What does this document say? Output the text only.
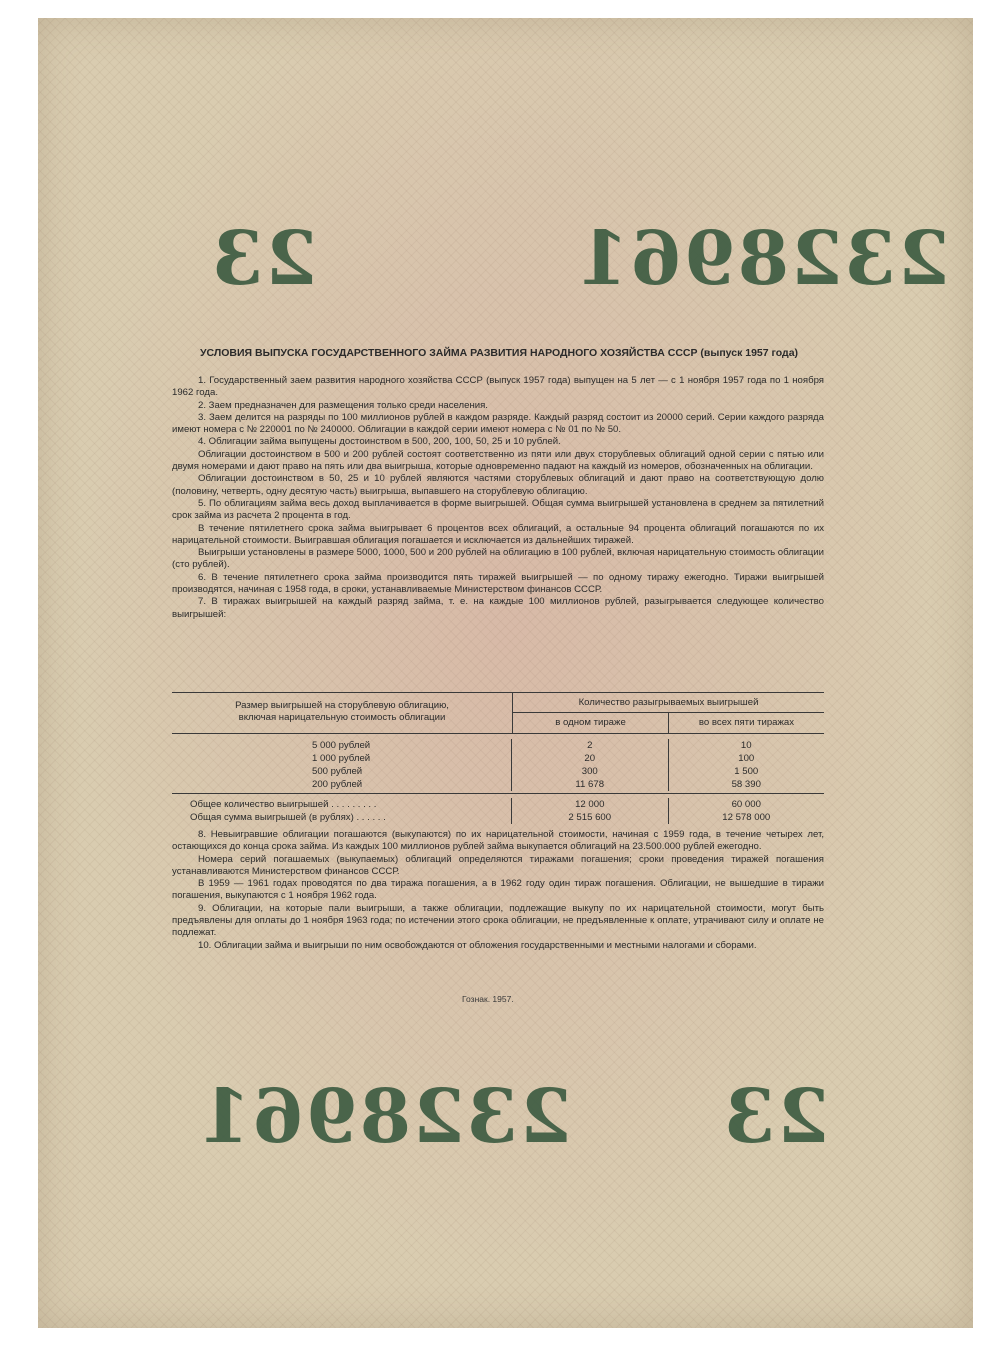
2328961
23
УСЛОВИЯ ВЫПУСКА ГОСУДАРСТВЕННОГО ЗАЙМА РАЗВИТИЯ НАРОДНОГО ХОЗЯЙСТВА СССР (выпуск 1957 года)

1. Государственный заем развития народного хозяйства СССР (выпуск 1957 года) выпущен на 5 лет — с 1 ноября 1957 года по 1 ноября 1962 года.

2. Заем предназначен для размещения только среди населения.

3. Заем делится на разряды по 100 миллионов рублей в каждом разряде. Каждый разряд состоит из 20000 серий. Серии каждого разряда имеют номера с № 220001 по № 240000. Облигации в каждой серии имеют номера с № 01 по № 50.

4. Облигации займа выпущены достоинством в 500, 200, 100, 50, 25 и 10 рублей.

Облигации достоинством в 500 и 200 рублей состоят соответственно из пяти или двух сторублевых облигаций одной серии с пятью или двумя номерами и дают право на пять или два выигрыша, которые одновременно падают на каждый из номеров, обозначенных на облигации.

Облигации достоинством в 50, 25 и 10 рублей являются частями сторублевых облигаций и дают право на соответствующую долю (половину, четверть, одну десятую часть) выигрыша, выпавшего на сторублевую облигацию.

5. По облигациям займа весь доход выплачивается в форме выигрышей. Общая сумма выигрышей установлена в среднем за пятилетний срок займа из расчета 2 процента в год.

В течение пятилетнего срока займа выигрывает 6 процентов всех облигаций, а остальные 94 процента облигаций погашаются по их нарицательной стоимости. Выигравшая облигация погашается и исключается из дальнейших тиражей.

Выигрыши установлены в размере 5000, 1000, 500 и 200 рублей на облигацию в 100 рублей, включая нарицательную стоимость облигации (сто рублей).

6. В течение пятилетнего срока займа производится пять тиражей выигрышей — по одному тиражу ежегодно. Тиражи выигрышей производятся, начиная с 1958 года, в сроки, устанавливаемые Министерством финансов СССР.

7. В тиражах выигрышей на каждый разряд займа, т. е. на каждые 100 миллионов рублей, разыгрывается следующее количество выигрышей:

Размер выигрышей на сторублевую облигацию,
включая нарицательную стоимость облигации
Количество разыгрываемых выигрышей
в одном тираже	во всех пяти тиражах
5 000 рублей
1 000 рублей
500 рублей
200 рублей
2
20
300
11 678
10
100
1 500
58 390
Общее количество выигрышей . . . . . . . . .
Общая сумма выигрышей (в рублях) . . . . . .
12 000
2 515 600
60 000
12 578 000

8. Невыигравшие облигации погашаются (выкупаются) по их нарицательной стоимости, начиная с 1959 года, в течение четырех лет, остающихся до конца срока займа. Из каждых 100 миллионов рублей займа выкупается облигаций на 23.500.000 рублей ежегодно.

Номера серий погашаемых (выкупаемых) облигаций определяются тиражами погашения; сроки проведения тиражей погашения устанавливаются Министерством финансов СССР.

В 1959 — 1961 годах проводятся по два тиража погашения, а в 1962 году один тираж погашения. Облигации, не вышедшие в тиражи погашения, выкупаются с 1 ноября 1962 года.

9. Облигации, на которые пали выигрыши, а также облигации, подлежащие выкупу по их нарицательной стоимости, могут быть предъявлены для оплаты до 1 ноября 1963 года; по истечении этого срока облигации, не предъявленные к оплате, утрачивают силу и оплате не подлежат.

10. Облигации займа и выигрыши по ним освобождаются от обложения государственными и местными налогами и сборами.

Гознак. 1957.
2328961 23
